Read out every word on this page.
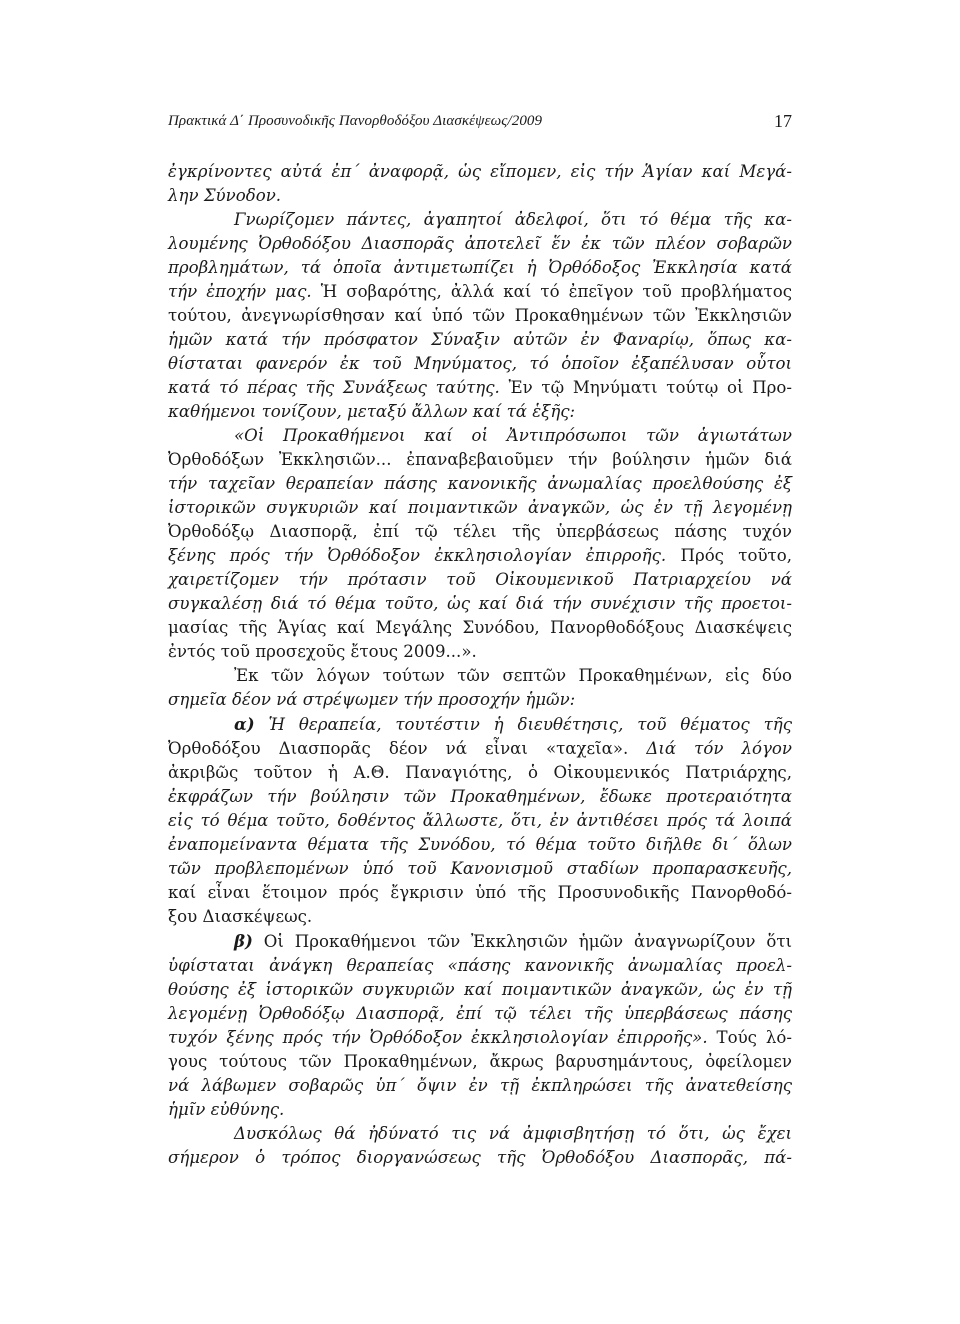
Πρακτικά Δ΄ Προσυνοδικῆς Πανορθοδόξου Διασκέψεως/2009	17
ἐγκρίνοντες αὐτά ἐπ΄ ἀναφορᾷ, ὡς εἴπομεν, εἰς τήν Ἁγίαν καί Μεγά-
λην Σύνοδον.
Γνωρίζομεν πάντες, ἀγαπητοί ἀδελφοί, ὅτι τό θέμα τῆς κα-
λουμένης Ὀρθοδόξου Διασπορᾶς ἀποτελεῖ ἕν ἐκ τῶν πλέον σοβαρῶν
προβλημάτων, τά ὁποῖα ἀντιμετωπίζει ἡ Ὀρθόδοξος Ἐκκλησία κατά
τήν ἐποχήν μας. Ἡ σοβαρότης, ἀλλά καί τό ἐπεῖγον τοῦ προβλήματος
τούτου, ἀνεγνωρίσθησαν καί ὑπό τῶν Προκαθημένων τῶν Ἐκκλησιῶν
ἡμῶν κατά τήν πρόσφατον Σύναξιν αὐτῶν ἐν Φαναρίῳ, ὅπως κα-
θίσταται φανερόν ἐκ τοῦ Μηνύματος, τό ὁποῖον ἐξαπέλυσαν οὗτοι
κατά τό πέρας τῆς Συνάξεως ταύτης. Ἐν τῷ Μηνύματι τούτῳ οἱ Προ-
καθήμενοι τονίζουν, μεταξύ ἄλλων καί τά ἑξῆς:
«Οἱ Προκαθήμενοι καί οἱ Ἀντιπρόσωποι τῶν ἁγιωτάτων
Ὀρθοδόξων Ἐκκλησιῶν... ἐπαναβεβαιοῦμεν τήν βούλησιν ἡμῶν διά
τήν ταχεῖαν θεραπείαν πάσης κανονικῆς ἀνωμαλίας προελθούσης ἐξ
ἱστορικῶν συγκυριῶν καί ποιμαντικῶν ἀναγκῶν, ὡς ἐν τῇ λεγομένῃ
Ὀρθοδόξῳ Διασπορᾷ, ἐπί τῷ τέλει τῆς ὑπερβάσεως πάσης τυχόν
ξένης πρός τήν Ὀρθόδοξον ἐκκλησιολογίαν ἐπιρροῆς. Πρός τοῦτο,
χαιρετίζομεν τήν πρότασιν τοῦ Οἰκουμενικοῦ Πατριαρχείου νά
συγκαλέσῃ διά τό θέμα τοῦτο, ὡς καί διά τήν συνέχισιν τῆς προετοι-
μασίας τῆς Ἁγίας καί Μεγάλης Συνόδου, Πανορθοδόξους Διασκέψεις
ἐντός τοῦ προσεχοῦς ἔτους 2009...».
Ἐκ τῶν λόγων τούτων τῶν σεπτῶν Προκαθημένων, εἰς δύο
σημεῖα δέον νά στρέψωμεν τήν προσοχήν ἡμῶν:
α) Ἡ θεραπεία, τουτέστιν ἡ διευθέτησις, τοῦ θέματος τῆς
Ὀρθοδόξου Διασπορᾶς δέον νά εἶναι «ταχεῖα». Διά τόν λόγον
ἀκριβῶς τοῦτον ἡ Α.Θ. Παναγιότης, ὁ Οἰκουμενικός Πατριάρχης,
ἐκφράζων τήν βούλησιν τῶν Προκαθημένων, ἔδωκε προτεραιότητα
εἰς τό θέμα τοῦτο, δοθέντος ἄλλωστε, ὅτι, ἐν ἀντιθέσει πρός τά λοιπά
ἐναπομείναντα θέματα τῆς Συνόδου, τό θέμα τοῦτο διῆλθε δι΄ ὅλων
τῶν προβλεπομένων ὑπό τοῦ Κανονισμοῦ σταδίων προπαρασκευῆς,
καί εἶναι ἕτοιμον πρός ἔγκρισιν ὑπό τῆς Προσυνοδικῆς Πανορθοδό-
ξου Διασκέψεως.
β) Οἱ Προκαθήμενοι τῶν Ἐκκλησιῶν ἡμῶν ἀναγνωρίζουν ὅτι
ὑφίσταται ἀνάγκη θεραπείας «πάσης κανονικῆς ἀνωμαλίας προελ-
θούσης ἐξ ἱστορικῶν συγκυριῶν καί ποιμαντικῶν ἀναγκῶν, ὡς ἐν τῇ
λεγομένῃ Ὀρθοδόξῳ Διασπορᾷ, ἐπί τῷ τέλει τῆς ὑπερβάσεως πάσης
τυχόν ξένης πρός τήν Ὀρθόδοξον ἐκκλησιολογίαν ἐπιρροῆς». Τούς λό-
γους τούτους τῶν Προκαθημένων, ἄκρως βαρυσημάντους, ὀφείλομεν
νά λάβωμεν σοβαρῶς ὑπ΄ ὄψιν ἐν τῇ ἐκπληρώσει τῆς ἀνατεθείσης
ἡμῖν εὐθύνης.
Δυσκόλως θά ἠδύνατό τις νά ἀμφισβητήσῃ τό ὅτι, ὡς ἔχει
σήμερον ὁ τρόπος διοργανώσεως τῆς Ὀρθοδόξου Διασπορᾶς, πά-
